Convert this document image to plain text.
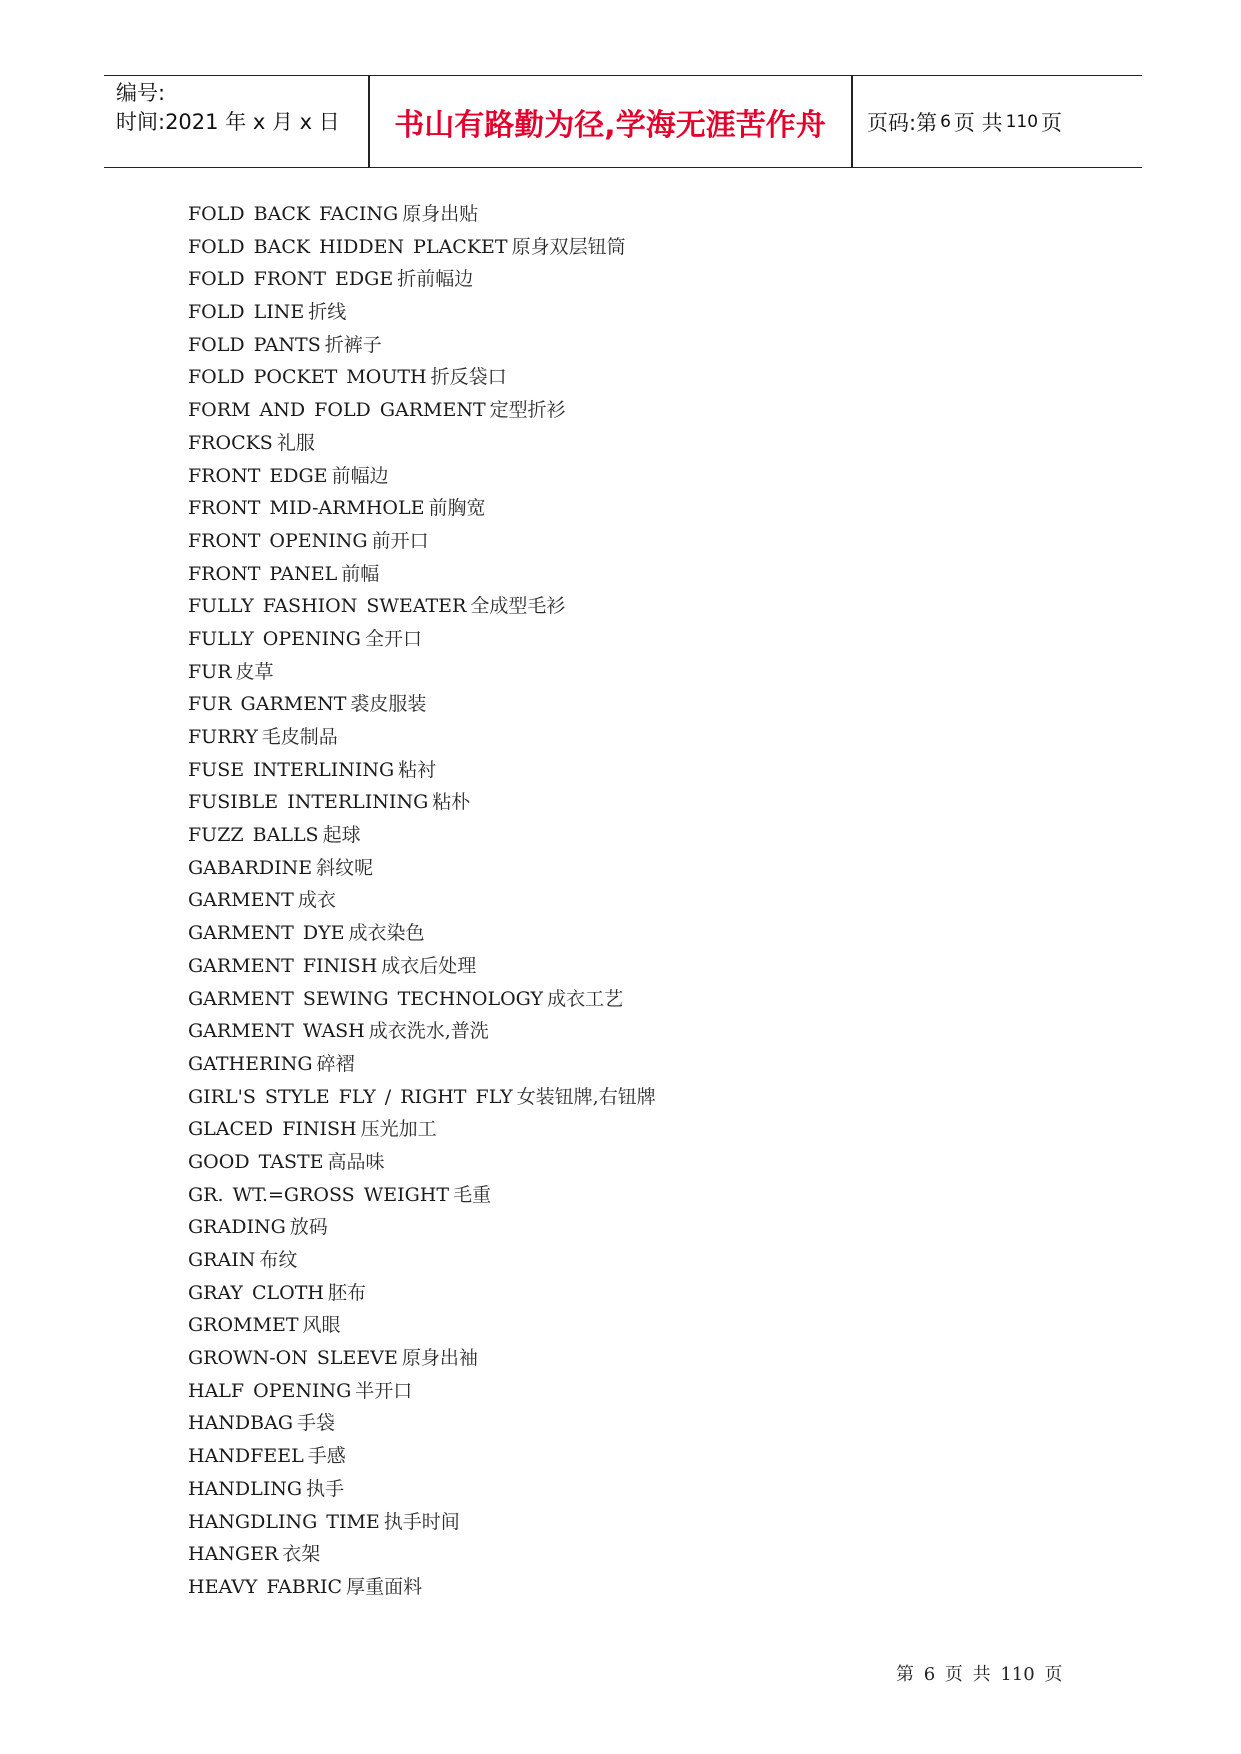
编号:
时间:2021 年 x 月 x 日	书山有路勤为径,学海无涯苦作舟	页码:第 6 页 共 110 页
FOLD BACK FACING 原身出贴
FOLD BACK HIDDEN PLACKET 原身双层钮筒
FOLD FRONT EDGE 折前幅边
FOLD LINE 折线
FOLD PANTS 折裤子
FOLD POCKET MOUTH 折反袋口
FORM AND FOLD GARMENT 定型折衫
FROCKS 礼服
FRONT EDGE 前幅边
FRONT MID-ARMHOLE 前胸宽
FRONT OPENING 前开口
FRONT PANEL 前幅
FULLY FASHION SWEATER 全成型毛衫
FULLY OPENING 全开口
FUR 皮草
FUR GARMENT 裘皮服装
FURRY 毛皮制品
FUSE INTERLINING 粘衬
FUSIBLE INTERLINING 粘朴
FUZZ BALLS 起球
GABARDINE 斜纹呢
GARMENT 成衣
GARMENT DYE 成衣染色
GARMENT FINISH 成衣后处理
GARMENT SEWING TECHNOLOGY 成衣工艺
GARMENT WASH 成衣洗水,普洗
GATHERING 碎褶
GIRL'S STYLE FLY / RIGHT FLY 女装钮牌,右钮牌
GLACED FINISH 压光加工
GOOD TASTE 高品味
GR. WT.=GROSS WEIGHT 毛重
GRADING 放码
GRAIN 布纹
GRAY CLOTH 胚布
GROMMET 风眼
GROWN-ON SLEEVE 原身出袖
HALF OPENING 半开口
HANDBAG 手袋
HANDFEEL 手感
HANDLING 执手
HANGDLING TIME 执手时间
HANGER 衣架
HEAVY FABRIC 厚重面料
第 6 页 共 110 页
